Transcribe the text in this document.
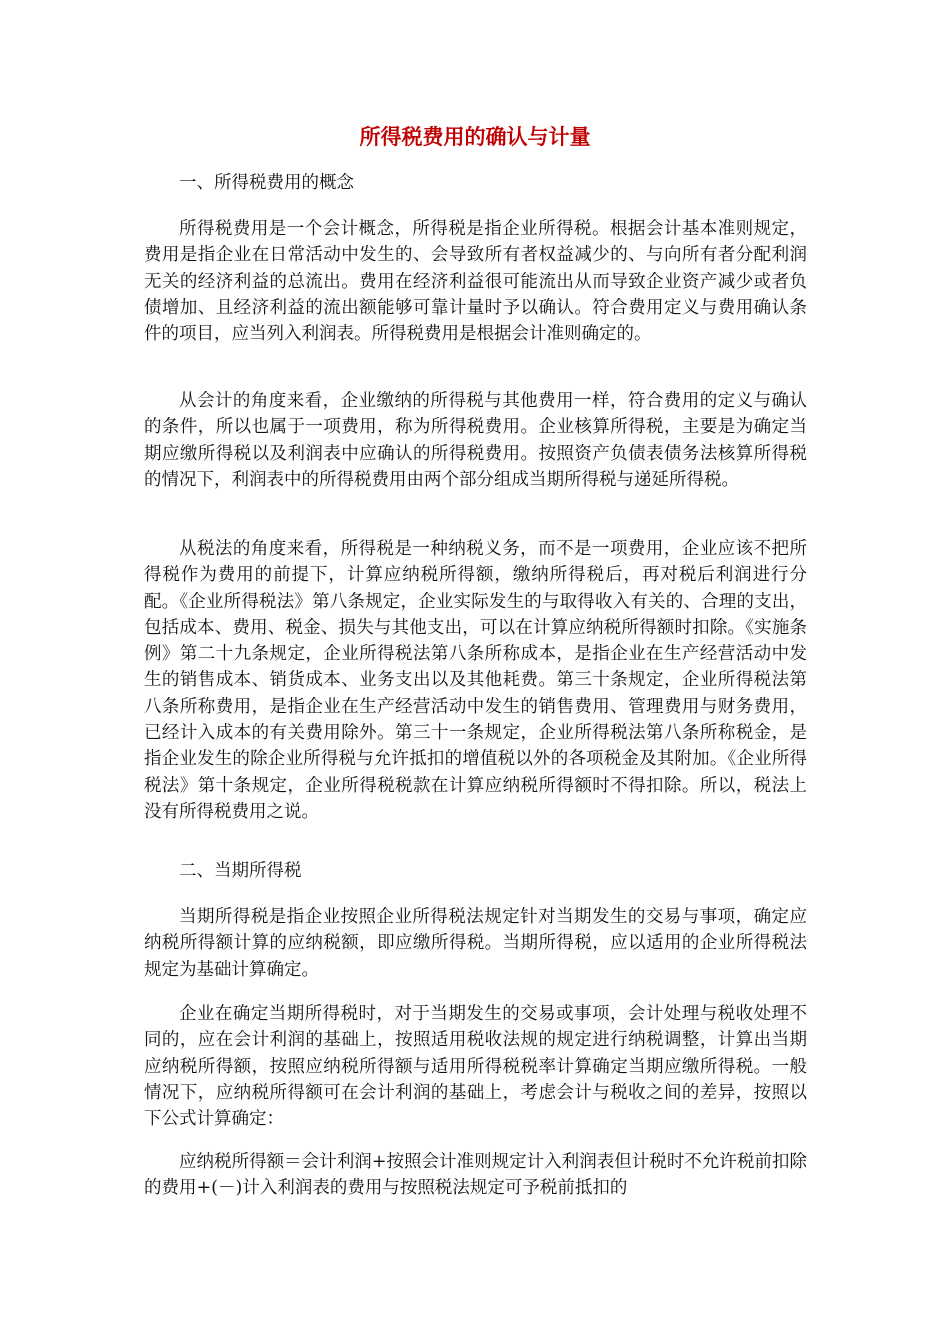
所得税费用的确认与计量

一、所得税费用的概念

所得税费用是一个会计概念，所得税是指企业所得税。根据会计基本准则规定，费用是指企业在日常活动中发生的、会导致所有者权益减少的、与向所有者分配利润无关的经济利益的总流出。费用在经济利益很可能流出从而导致企业资产减少或者负债增加、且经济利益的流出额能够可靠计量时予以确认。符合费用定义与费用确认条件的项目，应当列入利润表。所得税费用是根据会计准则确定的。

从会计的角度来看，企业缴纳的所得税与其他费用一样，符合费用的定义与确认的条件，所以也属于一项费用，称为所得税费用。企业核算所得税，主要是为确定当期应缴所得税以及利润表中应确认的所得税费用。按照资产负债表债务法核算所得税的情况下，利润表中的所得税费用由两个部分组成当期所得税与递延所得税。

从税法的角度来看，所得税是一种纳税义务，而不是一项费用，企业应该不把所得税作为费用的前提下，计算应纳税所得额，缴纳所得税后，再对税后利润进行分配。《企业所得税法》第八条规定，企业实际发生的与取得收入有关的、合理的支出，包括成本、费用、税金、损失与其他支出，可以在计算应纳税所得额时扣除。《实施条例》第二十九条规定，企业所得税法第八条所称成本，是指企业在生产经营活动中发生的销售成本、销货成本、业务支出以及其他耗费。第三十条规定，企业所得税法第八条所称费用，是指企业在生产经营活动中发生的销售费用、管理费用与财务费用，已经计入成本的有关费用除外。第三十一条规定，企业所得税法第八条所称税金，是指企业发生的除企业所得税与允许抵扣的增值税以外的各项税金及其附加。《企业所得税法》第十条规定，企业所得税税款在计算应纳税所得额时不得扣除。所以，税法上没有所得税费用之说。

二、当期所得税

当期所得税是指企业按照企业所得税法规定针对当期发生的交易与事项，确定应纳税所得额计算的应纳税额，即应缴所得税。当期所得税，应以适用的企业所得税法规定为基础计算确定。

企业在确定当期所得税时，对于当期发生的交易或事项，会计处理与税收处理不同的，应在会计利润的基础上，按照适用税收法规的规定进行纳税调整，计算出当期应纳税所得额，按照应纳税所得额与适用所得税税率计算确定当期应缴所得税。一般情况下，应纳税所得额可在会计利润的基础上，考虑会计与税收之间的差异，按照以下公式计算确定：

应纳税所得额＝会计利润+按照会计准则规定计入利润表但计税时不允许税前扣除的费用+(－)计入利润表的费用与按照税法规定可予税前抵扣的
